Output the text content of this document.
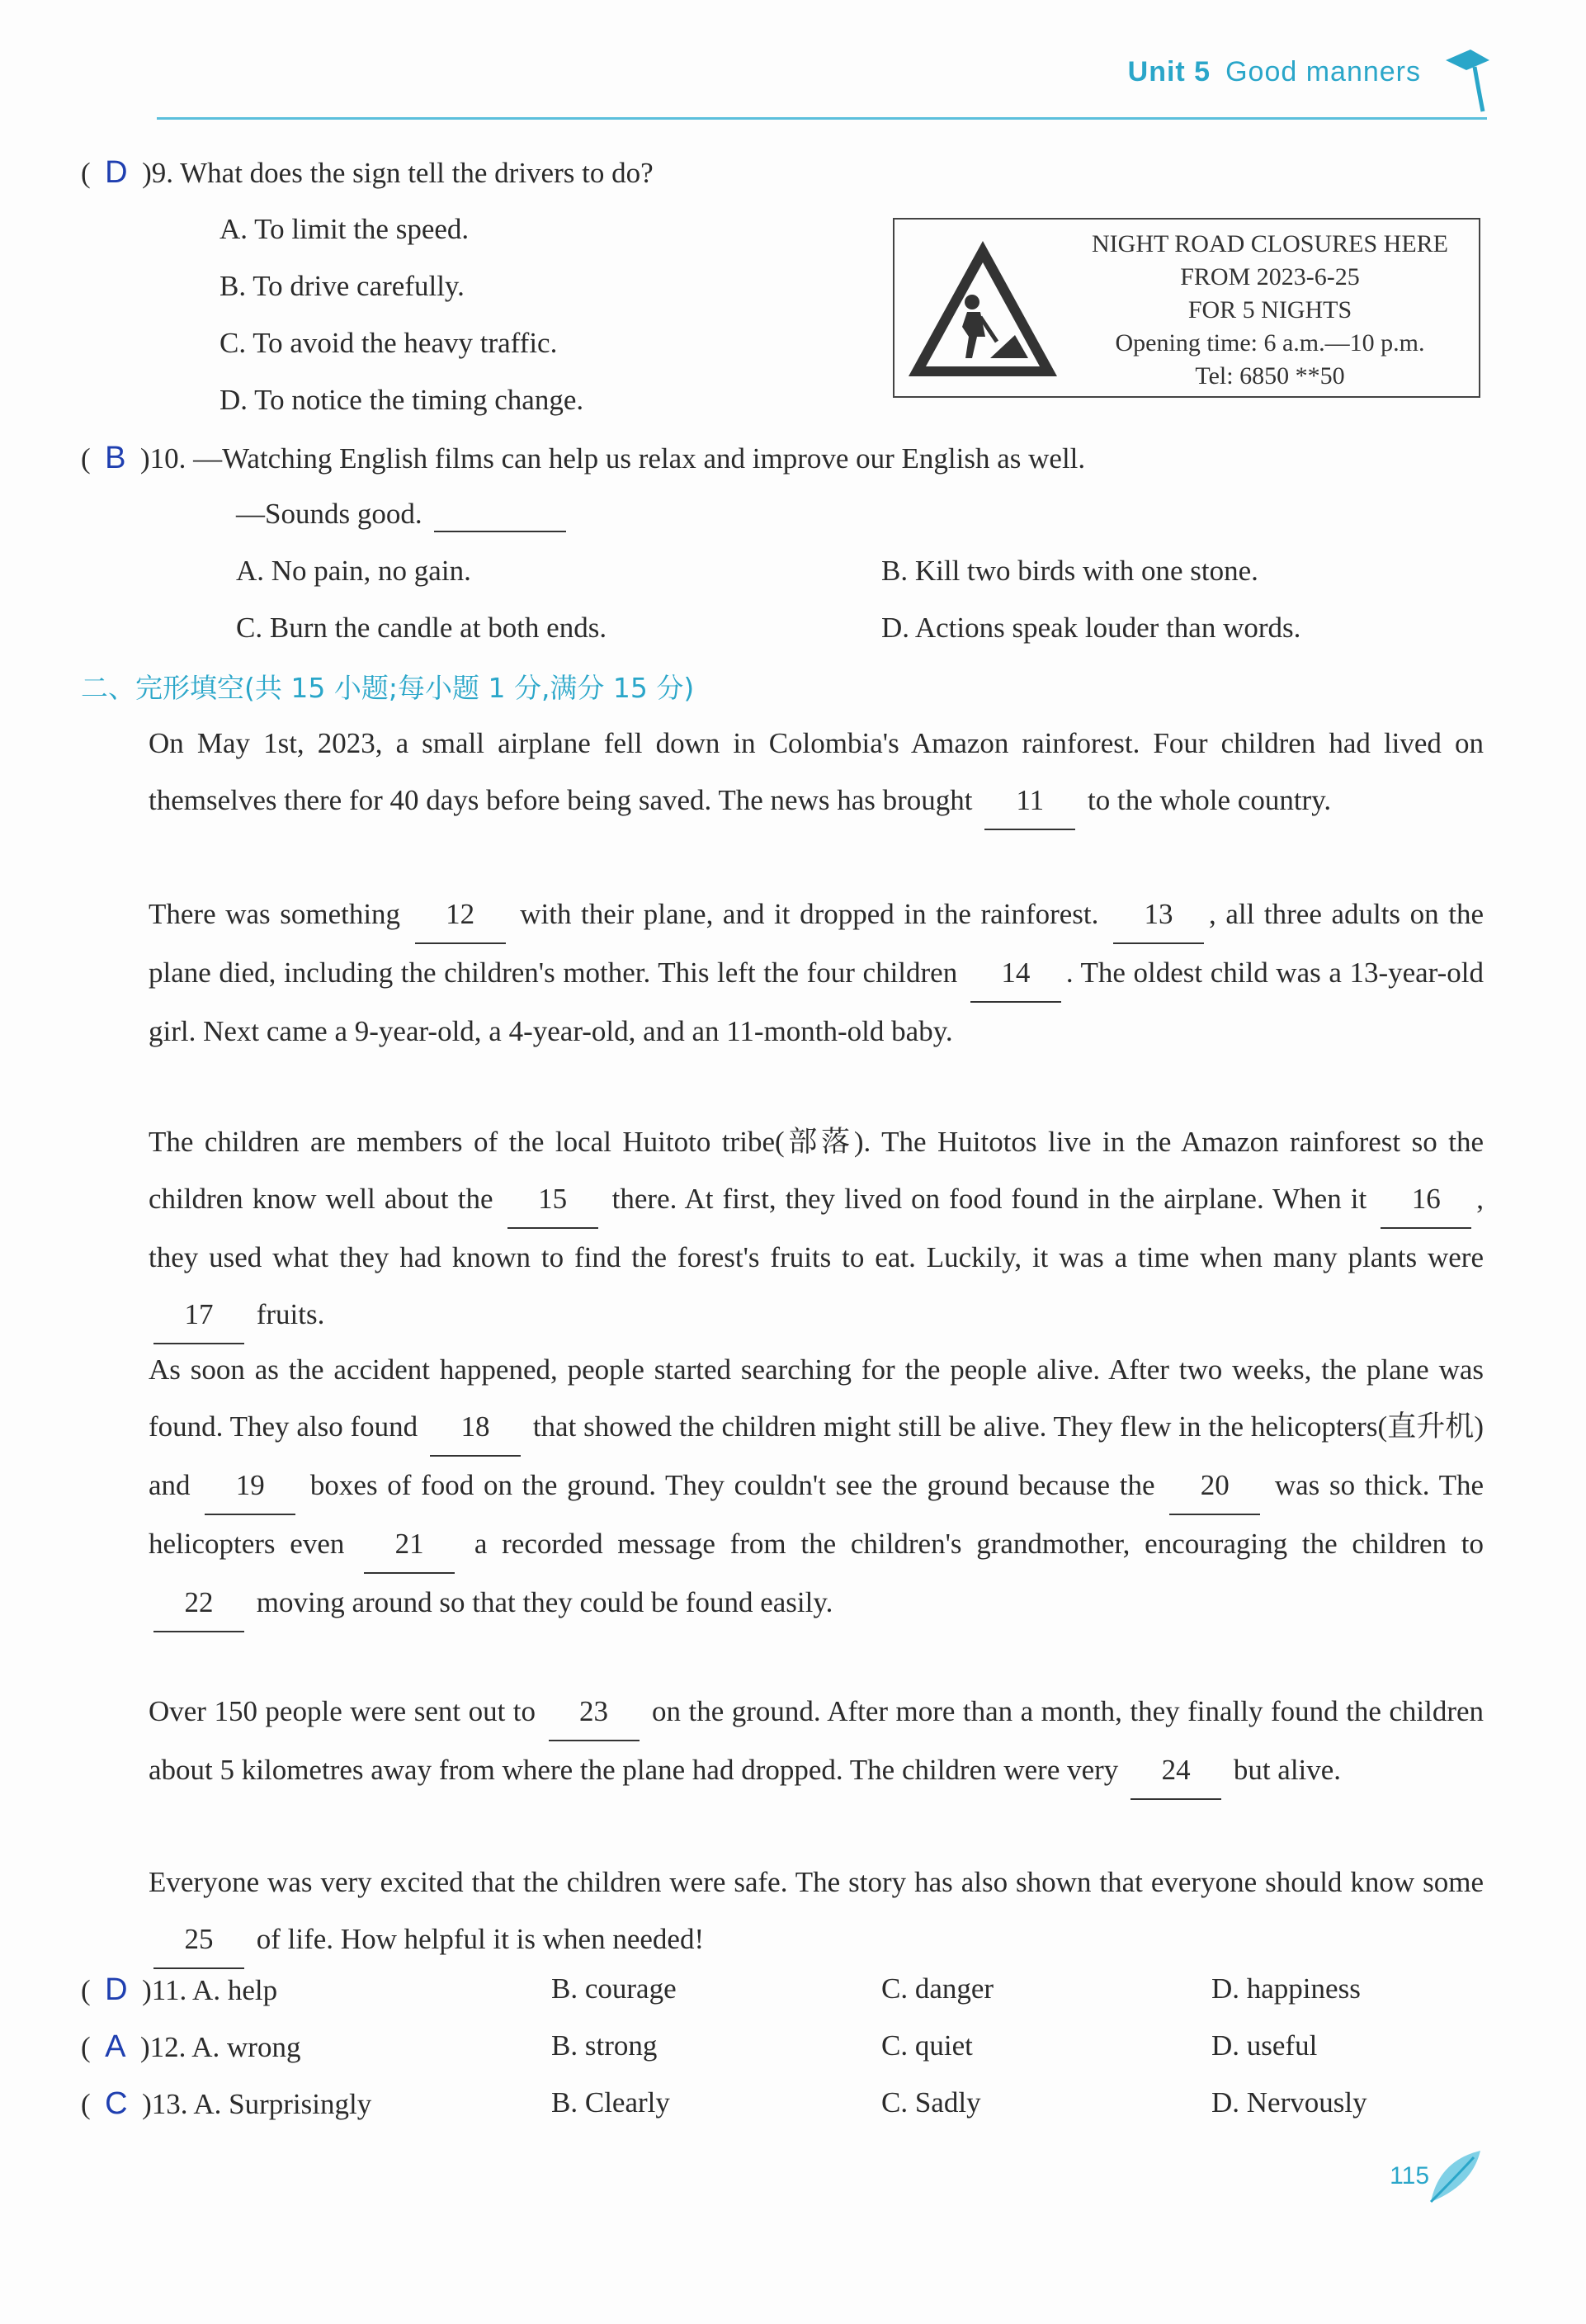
Unit 5 Good manners
(  D  )9. What does the sign tell the drivers to do?
A. To limit the speed.
B. To drive carefully.
C. To avoid the heavy traffic.
D. To notice the timing change.
NIGHT ROAD CLOSURES HERE
FROM 2023-6-25
FOR 5 NIGHTS
Opening time: 6 a.m.—10 p.m.
Tel: 6850 **50
(  B  )10. —Watching English films can help us relax and improve our English as well.
—Sounds good.
A. No pain, no gain.	B. Kill two birds with one stone.
C. Burn the candle at both ends.	D. Actions speak louder than words.
二、完形填空(共 15 小题;每小题 1 分,满分 15 分)
On May 1st, 2023, a small airplane fell down in Colombia's Amazon rainforest. Four children had lived on themselves there for 40 days before being saved. The news has brought 11 to the whole country.
There was something 12 with their plane, and it dropped in the rainforest. 13 , all three adults on the plane died, including the children's mother. This left the four children 14 . The oldest child was a 13-year-old girl. Next came a 9-year-old, a 4-year-old, and an 11-month-old baby.
The children are members of the local Huitoto tribe(部落). The Huitotos live in the Amazon rainforest so the children know well about the 15 there. At first, they lived on food found in the airplane. When it 16 , they used what they had known to find the forest's fruits to eat. Luckily, it was a time when many plants were 17 fruits.
As soon as the accident happened, people started searching for the people alive. After two weeks, the plane was found. They also found 18 that showed the children might still be alive. They flew in the helicopters(直升机) and 19 boxes of food on the ground. They couldn't see the ground because the 20 was so thick. The helicopters even 21 a recorded message from the children's grandmother, encouraging the children to 22 moving around so that they could be found easily.
Over 150 people were sent out to 23 on the ground. After more than a month, they finally found the children about 5 kilometres away from where the plane had dropped. The children were very 24 but alive.
Everyone was very excited that the children were safe. The story has also shown that everyone should know some 25 of life. How helpful it is when needed!
(  D  )11. A. help	B. courage	C. danger	D. happiness
(  A  )12. A. wrong	B. strong	C. quiet	D. useful
(  C  )13. A. Surprisingly	B. Clearly	C. Sadly	D. Nervously
115
